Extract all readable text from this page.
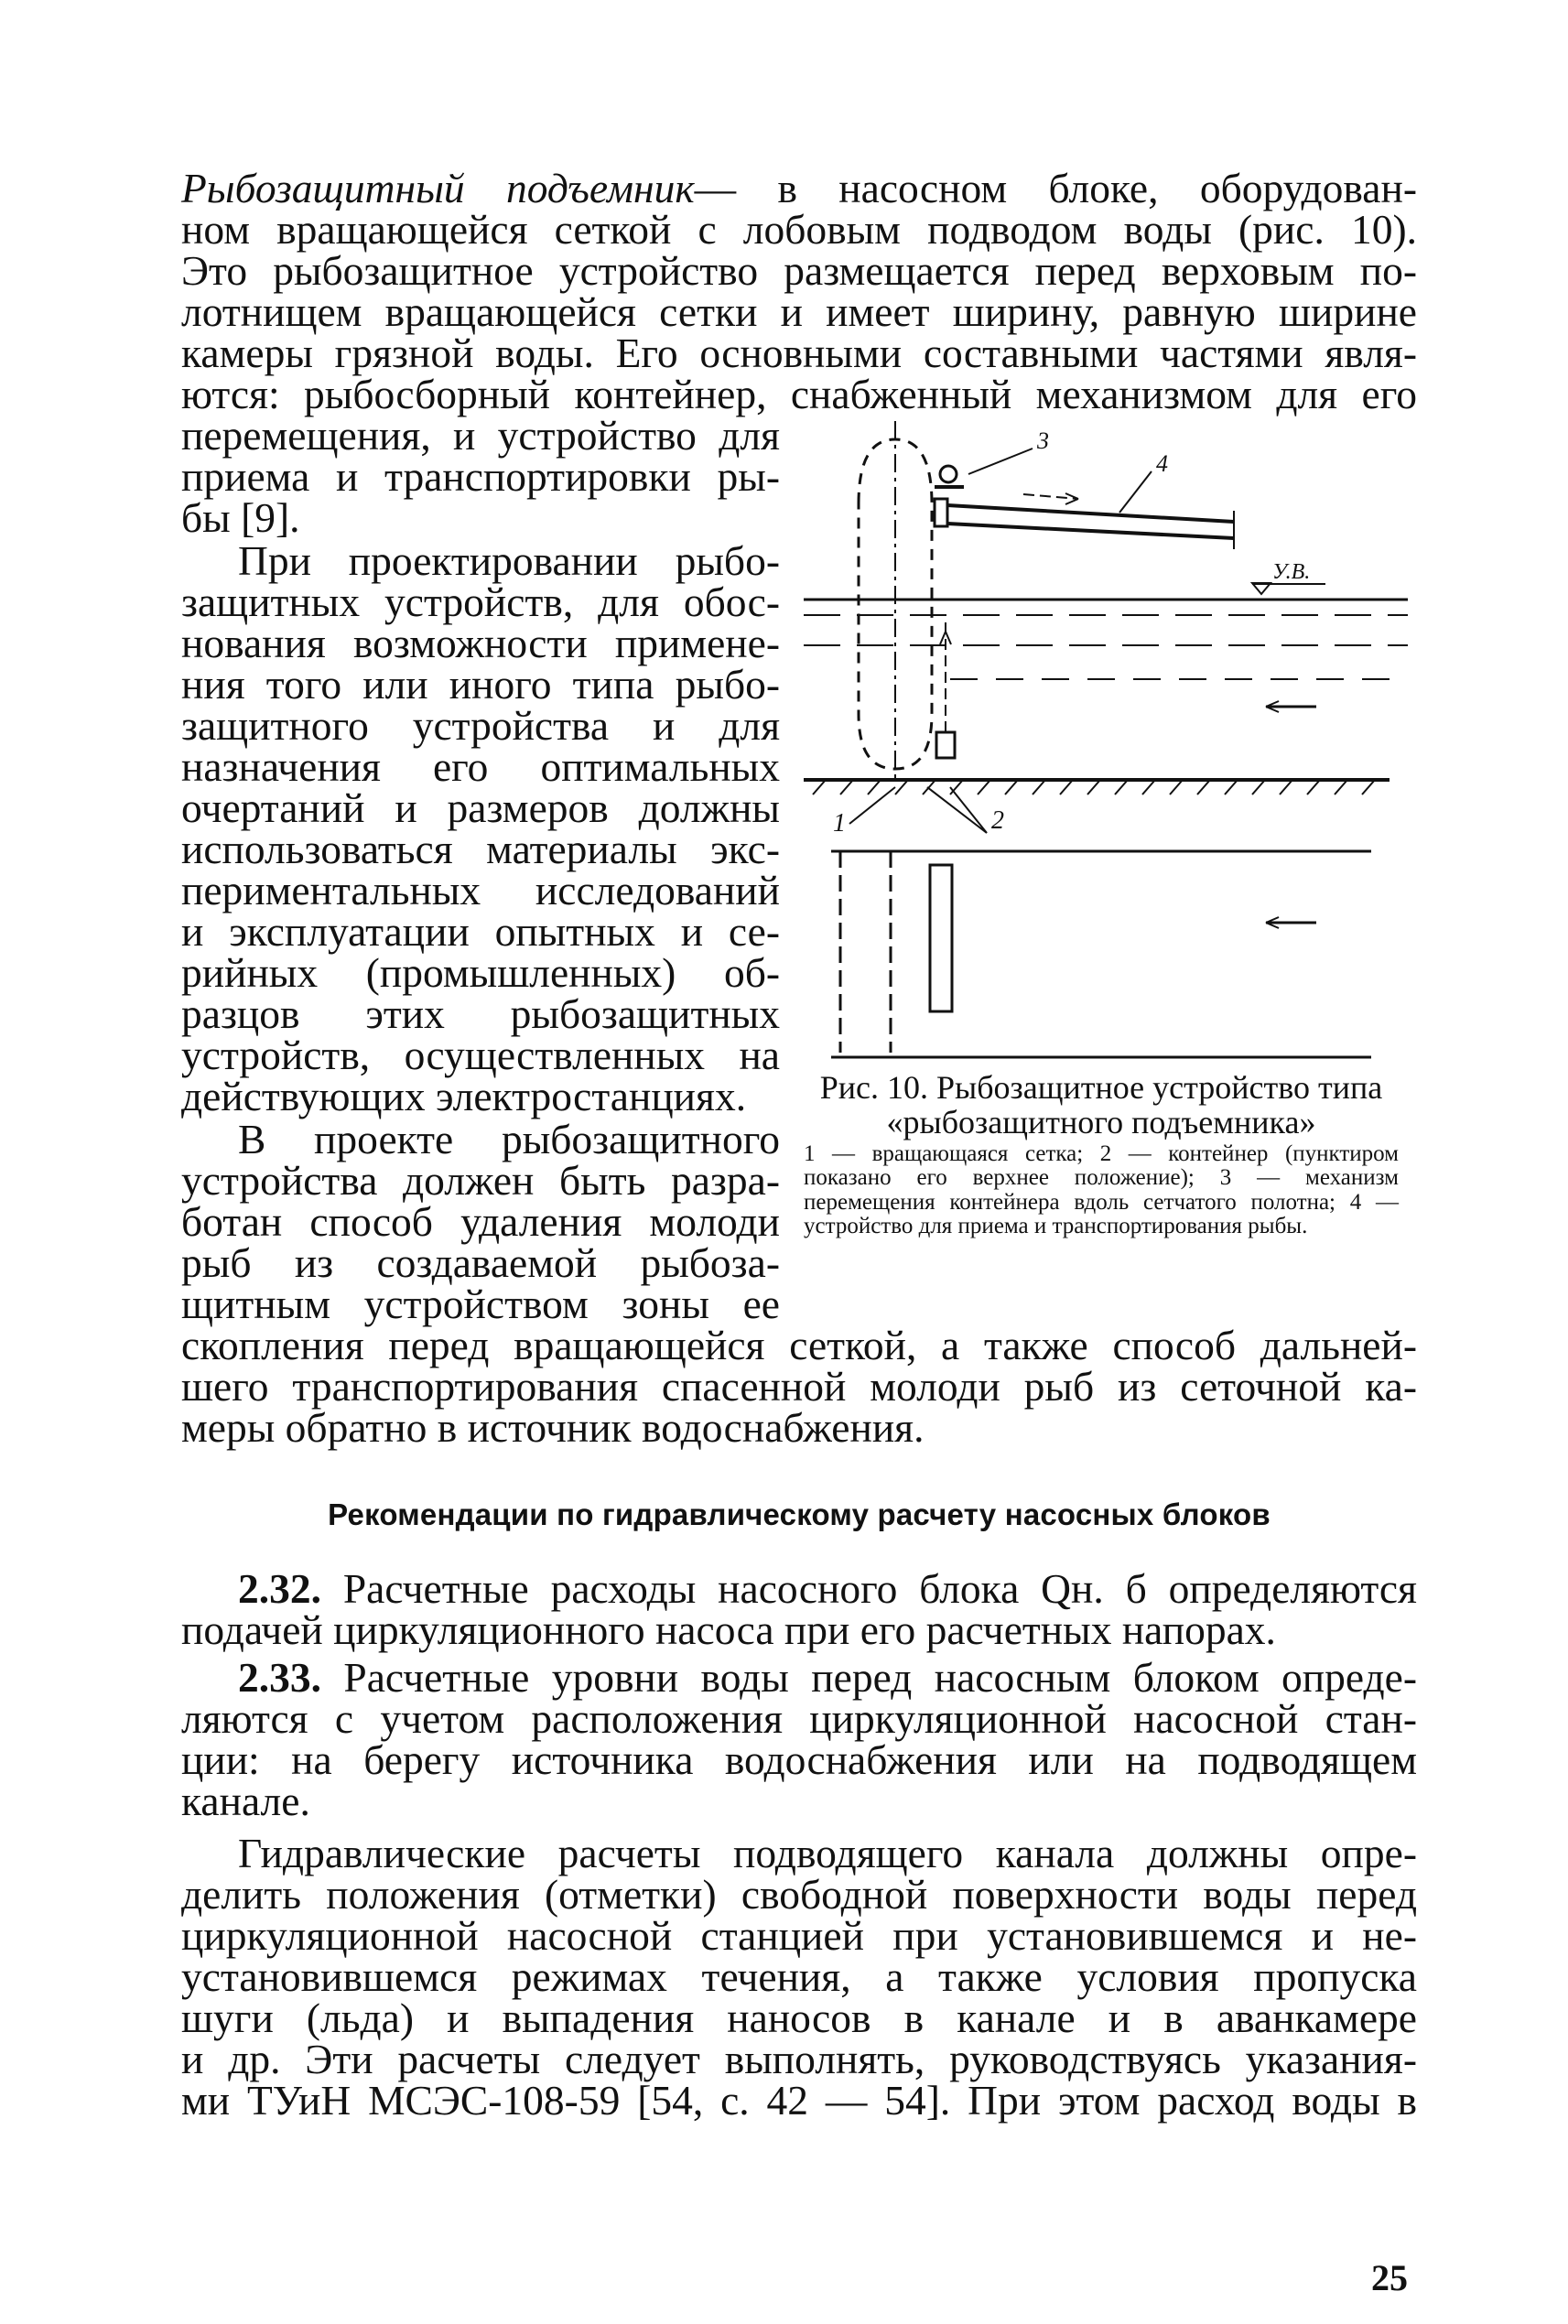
Рыбозащитный подъемник— в насосном блоке, оборудован-
ном вращающейся сеткой с лобовым подводом воды (рис. 10).
Это рыбозащитное устройство размещается перед верховым по-
лотнищем вращающейся сетки и имеет ширину, равную ширине
камеры грязной воды. Его основными составными частями явля-
ются: рыбосборный контейнер, снабженный механизмом для его
перемещения, и устройство для
приема и транспортировки ры-
бы [9].
При проектировании рыбо-
защитных устройств, для обос-
нования возможности примене-
ния того или иного типа рыбо-
защитного устройства и для
назначения его оптимальных
очертаний и размеров должны
использоваться материалы экс-
периментальных исследований
и эксплуатации опытных и се-
рийных (промышленных) об-
разцов этих рыбозащитных
устройств, осуществленных на
действующих электростанциях.
В проекте рыбозащитного
устройства должен быть разра-
ботан способ удаления молоди
рыб из создаваемой рыбоза-
щитным устройством зоны ее
скопления перед вращающейся сеткой, а также способ дальней-
шего транспортирования спасенной молоди рыб из сеточной ка-
меры обратно в источник водоснабжения.
3
4
У.В.
1	2
Рис. 10. Рыбозащитное устройство типа «рыбозащитного подъемника»
1 — вращающаяся сетка; 2 — контейнер (пунктиром показано его верхнее положение); 3 — механизм перемещения контейнера вдоль сетчатого полотна; 4 — устройство для приема и транспортирования рыбы.
Рекомендации по гидравлическому расчету насосных блоков
2.32. Расчетные расходы насосного блока Qн. б определяются
подачей циркуляционного насоса при его расчетных напорах.
2.33. Расчетные уровни воды перед насосным блоком опреде-
ляются с учетом расположения циркуляционной насосной стан-
ции: на берегу источника водоснабжения или на подводящем
канале.
Гидравлические расчеты подводящего канала должны опре-
делить положения (отметки) свободной поверхности воды перед
циркуляционной насосной станцией при установившемся и не-
установившемся режимах течения, а также условия пропуска
шуги (льда) и выпадения наносов в канале и в аванкамере
и др. Эти расчеты следует выполнять, руководствуясь указания-
ми ТУиН МСЭС-108-59 [54, с. 42 — 54]. При этом расход воды в
25
